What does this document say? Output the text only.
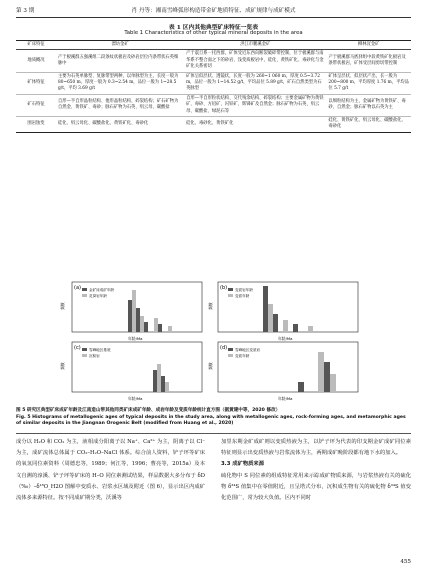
第 3 期	肖 丹等：湘南雪峰弧形构造带金矿地质特征、成矿规律与成矿模式
表 1 区内其他典型矿床特征一览表
Table 1 Characteristics of other typical mineral deposits in the area
矿床特征	漂坊金矿	洪江市鹏溪金矿	柳林汊金矿
地质概况	产于板溪群五强溪组二段条纹状板岩及砂岩层位内条带状石英细脉中	产于震旦系一托西群，矿体受近东西向断裂破碎带控制，位于板溪群与南华系不整合面之下的砂岩、浅变质板岩中，硅化、黄铁矿化、毒砂化与金矿化关系密切	产于板溪群马底驿组中段黄铁矿化板岩及条带状板岩，矿体受层间剪切带控制
矿体特征	主要为石英单脉型、复脉带型两种，以单脉型为主，长度一般为 80~650 m，厚度一般为 0.3~2.54 m，品位一般为 1~28.5 g/t，平均 3.69 g/t	矿体呈似层状、透镜状，长度一般为 260~1 060 m，厚度 0.5~3.72 m，品位一般为 1~14.52 g/t，平均品位 5.89 g/t，矿石自然类型为石英脉型	矿体呈层状、似层状产出，长一般为 200~800 m，平均厚度 1.76 m，平均品位 5.7 g/t
矿石特征	自形—半自形晶粒结构、他形晶粒结构、碎裂结构；矿石矿物为自然金、黄铁矿、毒砂；脉石矿物为石英、绢云母、碳酸盐	自形—半自形粒状结构、交代残余结构、碎裂结构；主要金属矿物为黄铁矿、毒砂、方铅矿、闪锌矿、辉锑矿及自然金；脉石矿物为石英、绢云母、碳酸盐、绿泥石等	以细粒结构为主，金属矿物为黄铁矿、毒砂、自然金；脉石矿物以石英为主
围岩蚀变	硅化、绢云母化、碳酸盐化、黄铁矿化、毒砂化	硅化、毒砂化、黄铁矿化	硅化、黄铁矿化、绢云母化、碳酸盐化、毒砂化
(a) 金矿床成矿年龄
花岗岩年龄
(b) 变质岩年龄
变质年龄
(c) 雪峰地区基底
沉积岩
(d) 雪峰地区变质岩
变质年龄
年龄/Ma	年龄/Ma
年龄/Ma	年龄/Ma
频数	频数
频数	频数
图 5 研究区典型矿床成矿年龄及江南造山带其他同类矿床成矿年龄、成岩年龄及变质年龄统计直方图（据黄建中等，2020 修改）
Fig. 5 Histograms of metallogenic ages of typical deposits in the study area, along with metallogenic ages, rock-forming ages, and metamorphic ages of similar deposits in the Jiangnan Orogenic Belt (modified from Huang et al., 2020)
成分以 H₂O 和 CO₂ 为主，液相成分阳离子以 Na⁺、Ca²⁺ 为主，阴离子以 Cl⁻ 为主，成矿流体总体属于 CO₂–H₂O–NaCl 体系。综合前人资料，铲子坪等矿床的氧氢同位素资料（周德忠等，1989；何江等，1996；曹亮等，2015a）及本文自测的淳溪、铲子坪等矿床的 H–O 同位素测试结果，样品数据大多分布于 δD（‰）–δ¹⁸O_H2O 图解中变质水、岩浆水区域及附近（图 6），显示出区内成矿流体多来源特征。按不同成矿期分类，沃溪等
加里东期金矿成矿则以变质热液为主，以铲子坪为代表的印支期金矿成矿同位素特征则显示出变质热液与岩浆流体为主，两期成矿晚阶段都有地下水的加入。
3.3 成矿物质来源
硫化物中 S 同位素的组成特征常用来示踪成矿物质来源，与岩浆热液有关的硫化物 δ³⁴S 值集中在零值附近，且呈塔式分布，沉积成生物有关的硫化物 δ³⁴S 值变化范围广，常为较大负值。区内不同时
455
